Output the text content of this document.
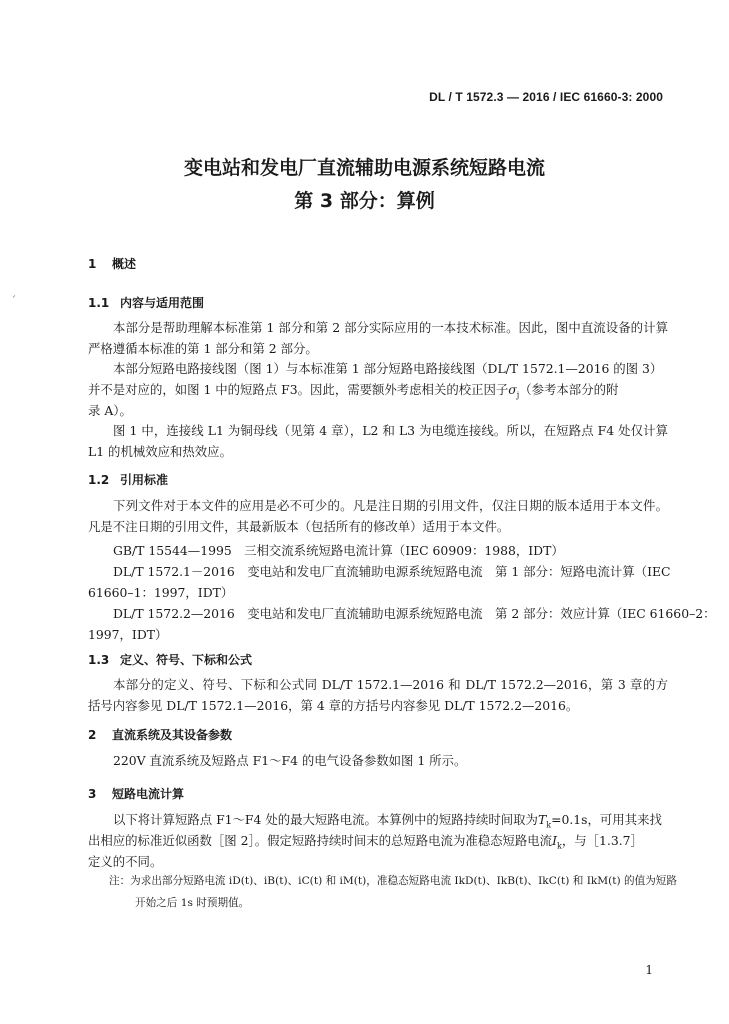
ˊ
DL / T 1572.3 — 2016 / IEC 61660-3: 2000
变电站和发电厂直流辅助电源系统短路电流
第 3 部分：算例
1 概述
1.1 内容与适用范围
本部分是帮助理解本标准第 1 部分和第 2 部分实际应用的一本技术标准。因此，图中直流设备的计算严格遵循本标准的第 1 部分和第 2 部分。
本部分短路电路接线图（图 1）与本标准第 1 部分短路电路接线图（DL/T 1572.1—2016 的图 3）
并不是对应的，如图 1 中的短路点 F3。因此，需要额外考虑相关的校正因子$\sigma_j$（参考本部分的附
录 A）。
图 1 中，连接线 L1 为铜母线（见第 4 章），L2 和 L3 为电缆连接线。所以，在短路点 F4 处仅计算 L1 的机械效应和热效应。
1.2 引用标准
下列文件对于本文件的应用是必不可少的。凡是注日期的引用文件，仅注日期的版本适用于本文件。凡是不注日期的引用文件，其最新版本（包括所有的修改单）适用于本文件。
GB/T 15544—1995　三相交流系统短路电流计算（IEC 60909：1988，IDT）
DL/T 1572.1－2016　变电站和发电厂直流辅助电源系统短路电流　第 1 部分：短路电流计算（IEC
61660–1：1997，IDT）
DL/T 1572.2—2016　变电站和发电厂直流辅助电源系统短路电流　第 2 部分：效应计算（IEC 61660–2：
1997，IDT）
1.3 定义、符号、下标和公式
本部分的定义、符号、下标和公式同 DL/T 1572.1—2016 和 DL/T 1572.2—2016，第 3 章的方括号内容参见 DL/T 1572.1—2016，第 4 章的方括号内容参见 DL/T 1572.2—2016。
2 直流系统及其设备参数
220V 直流系统及短路点 F1～F4 的电气设备参数如图 1 所示。
3 短路电流计算
以下将计算短路点 F1～F4 处的最大短路电流。本算例中的短路持续时间取为$T_k=0.1s$，可用其来找
出相应的标准近似函数［图 2］。假定短路持续时间末的总短路电流为准稳态短路电流$I_k$，与［1.3.7］
定义的不同。
注：为求出部分短路电流 iD(t)、iB(t)、iC(t) 和 iM(t)，准稳态短路电流 IkD(t)、IkB(t)、IkC(t) 和 IkM(t) 的值为短路
开始之后 1s 时预期值。
1
